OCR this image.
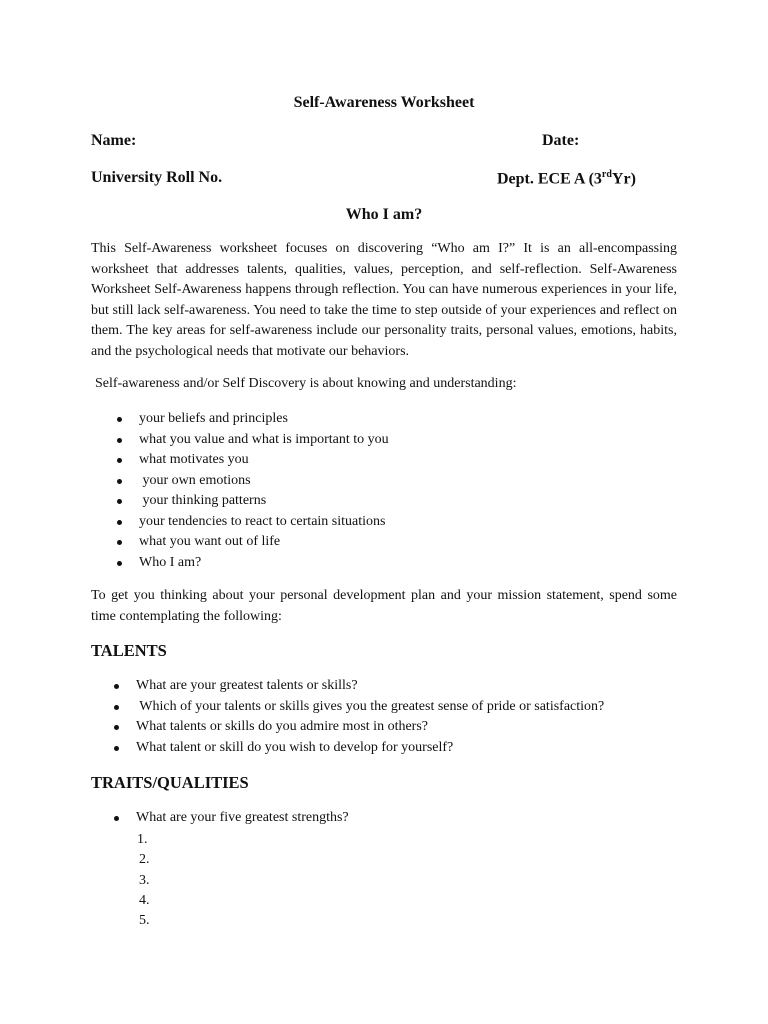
Self-Awareness Worksheet
Name:	Date:
University Roll No.	Dept. ECE A (3rdYr)
Who I am?
This Self-Awareness worksheet focuses on discovering “Who am I?” It is an all-encompassing worksheet that addresses talents, qualities, values, perception, and self-reflection. Self-Awareness Worksheet Self-Awareness happens through reflection. You can have numerous experiences in your life, but still lack self-awareness. You need to take the time to step outside of your experiences and reflect on them. The key areas for self-awareness include our personality traits, personal values, emotions, habits, and the psychological needs that motivate our behaviors.
Self-awareness and/or Self Discovery is about knowing and understanding:
your beliefs and principles
what you value and what is important to you
what motivates you
your own emotions
your thinking patterns
your tendencies to react to certain situations
what you want out of life
Who I am?
To get you thinking about your personal development plan and your mission statement, spend some time contemplating the following:
TALENTS
What are your greatest talents or skills?
Which of your talents or skills gives you the greatest sense of pride or satisfaction?
What talents or skills do you admire most in others?
What talent or skill do you wish to develop for yourself?
TRAITS/QUALITIES
What are your five greatest strengths?
1.
2.
3.
4.
5.
